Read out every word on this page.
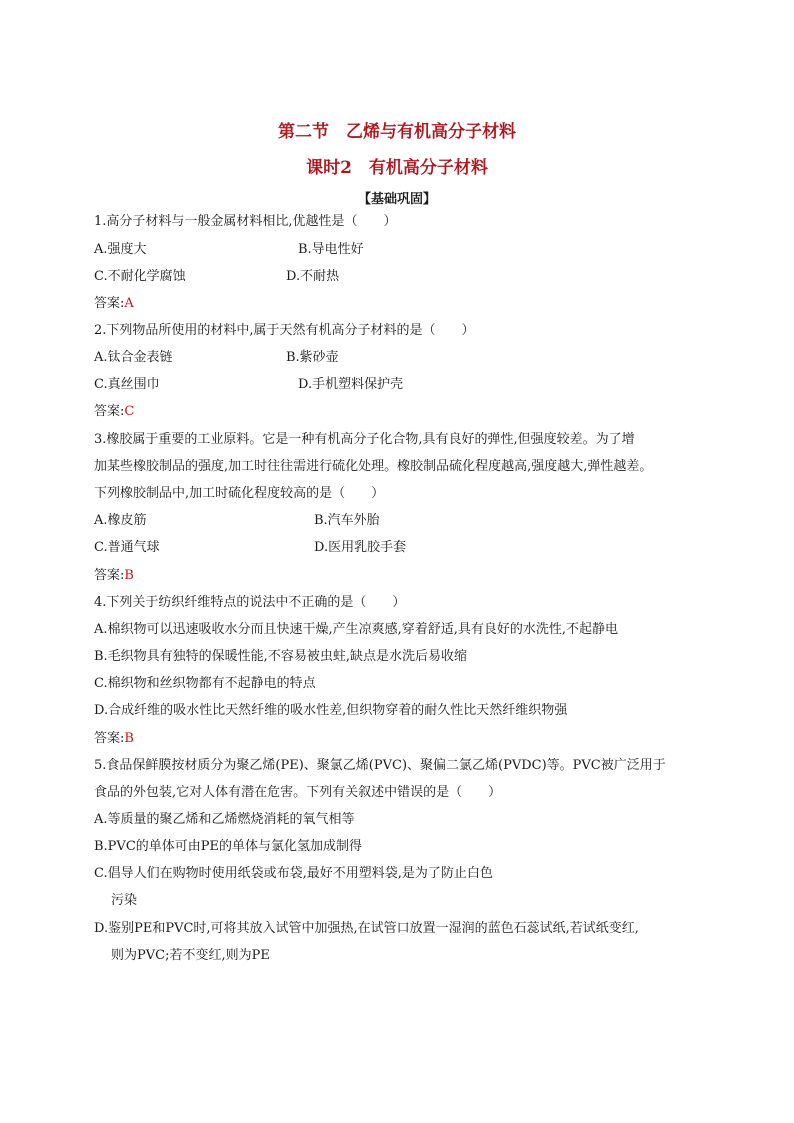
第二节　乙烯与有机高分子材料
课时2　有机高分子材料
【基础巩固】
1.高分子材料与一般金属材料相比,优越性是（　　）
A.强度大	B.导电性好
C.不耐化学腐蚀	D.不耐热
答案:A
2.下列物品所使用的材料中,属于天然有机高分子材料的是（　　）
A.钛合金表链	B.紫砂壶
C.真丝围巾	D.手机塑料保护壳
答案:C
3.橡胶属于重要的工业原料。它是一种有机高分子化合物,具有良好的弹性,但强度较差。为了增
加某些橡胶制品的强度,加工时往往需进行硫化处理。橡胶制品硫化程度越高,强度越大,弹性越差。
下列橡胶制品中,加工时硫化程度较高的是（　　）
A.橡皮筋	B.汽车外胎
C.普通气球	D.医用乳胶手套
答案:B
4.下列关于纺织纤维特点的说法中不正确的是（　　）
A.棉织物可以迅速吸收水分而且快速干燥,产生凉爽感,穿着舒适,具有良好的水洗性,不起静电
B.毛织物具有独特的保暖性能,不容易被虫蛀,缺点是水洗后易收缩
C.棉织物和丝织物都有不起静电的特点
D.合成纤维的吸水性比天然纤维的吸水性差,但织物穿着的耐久性比天然纤维织物强
答案:B
5.食品保鲜膜按材质分为聚乙烯(PE)、聚氯乙烯(PVC)、聚偏二氯乙烯(PVDC)等。PVC被广泛用于
食品的外包装,它对人体有潜在危害。下列有关叙述中错误的是（　　）
A.等质量的聚乙烯和乙烯燃烧消耗的氧气相等
B.PVC的单体可由PE的单体与氯化氢加成制得
C.倡导人们在购物时使用纸袋或布袋,最好不用塑料袋,是为了防止白色
污染
D.鉴别PE和PVC时,可将其放入试管中加强热,在试管口放置一湿润的蓝色石蕊试纸,若试纸变红,
则为PVC;若不变红,则为PE
